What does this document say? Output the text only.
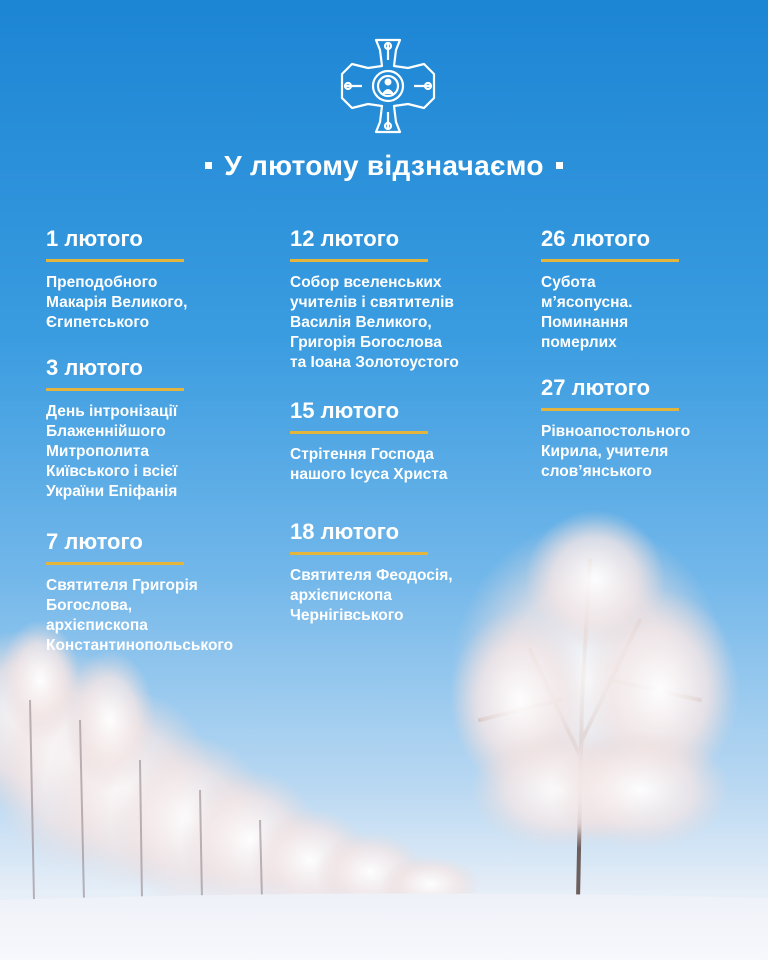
У лютому відзначаємо
1 лютого
Преподобного
Макарія Великого,
Єгипетського
3 лютого
День інтронізації
Блаженнійшого
Митрополита
Київського і всієї
України Епіфанія
7 лютого
Святителя Григорія
Богослова,
архієпископа
Константинопольського
12 лютого
Собор вселенських
учителів і святителів
Василія Великого,
Григорія Богослова
та Іоана Золотоустого
15 лютого
Стрітення Господа
нашого Ісуса Христа
18 лютого
Святителя Феодосія,
архієпископа
Чернігівського
26 лютого
Субота
м’ясопусна.
Поминання
померлих
27 лютого
Рівноапостольного
Кирила, учителя
слов’янського
